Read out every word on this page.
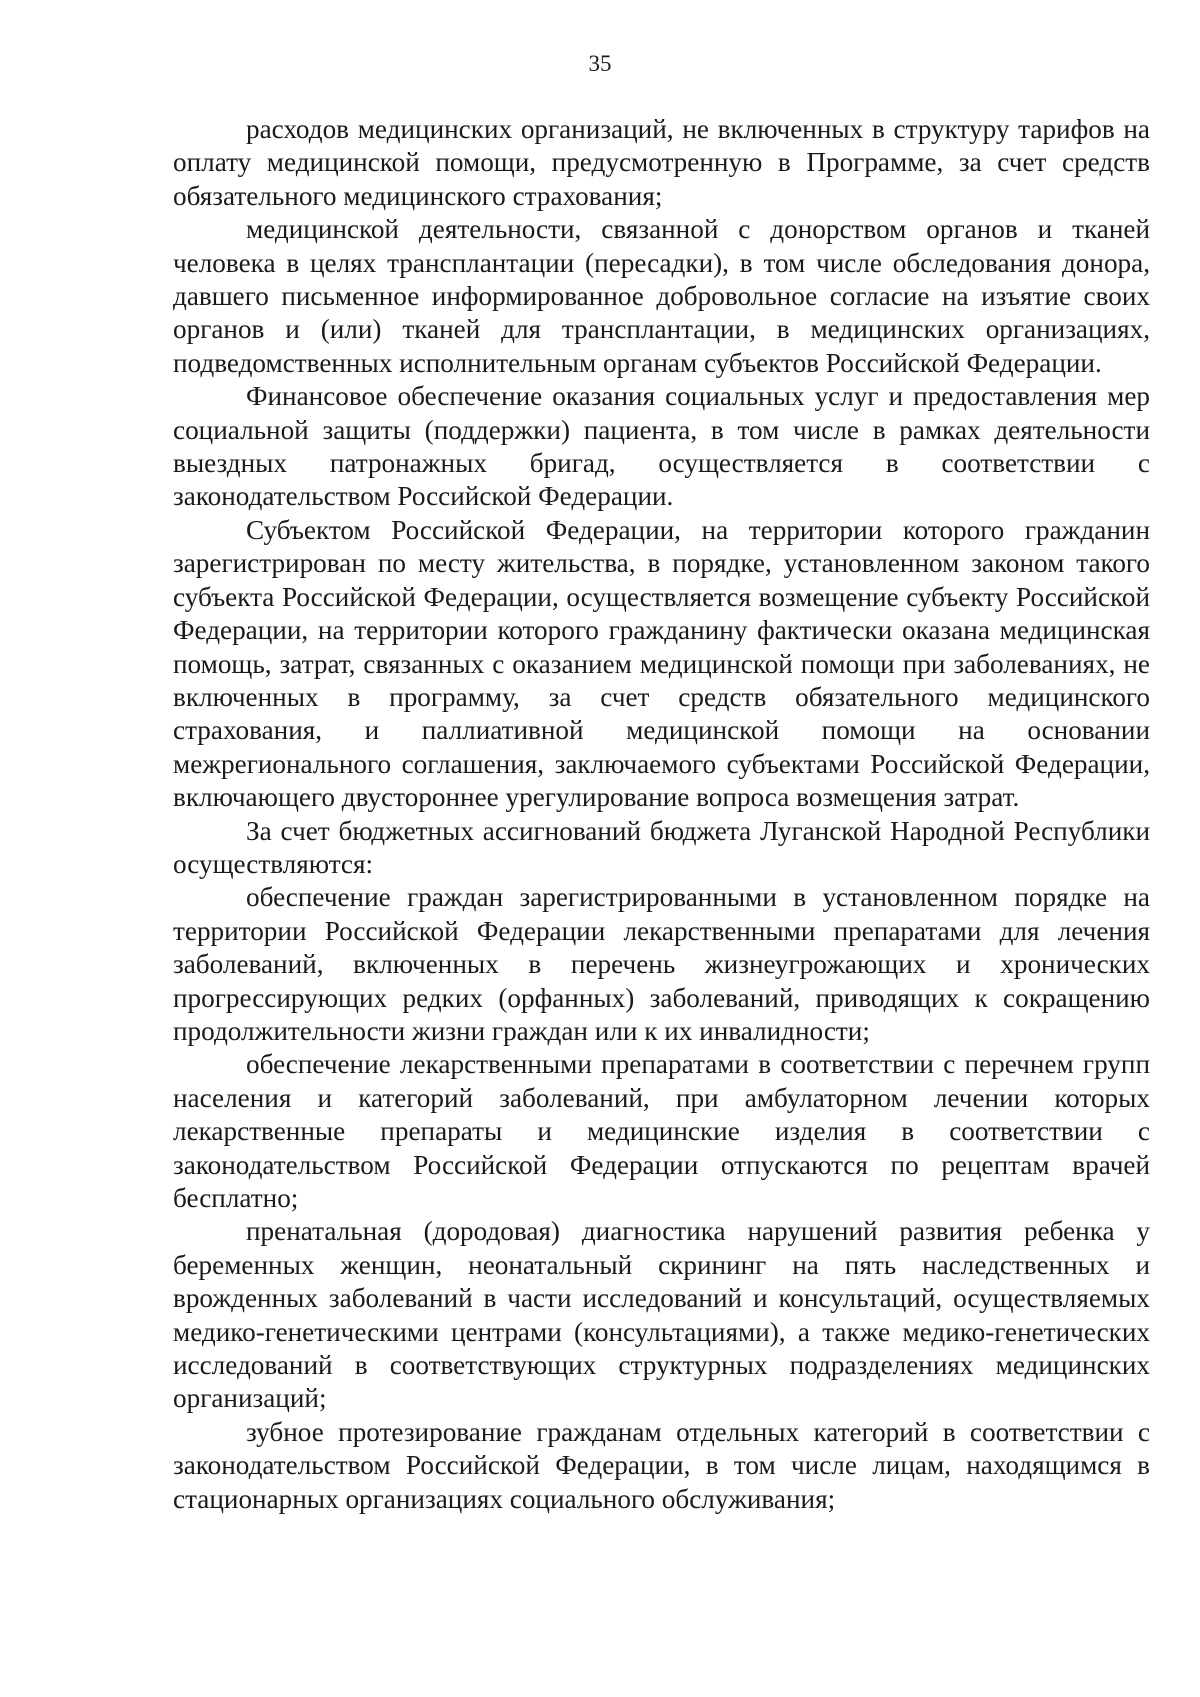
35

расходов медицинских организаций, не включенных в структуру тарифов на оплату медицинской помощи, предусмотренную в Программе, за счет средств обязательного медицинского страхования;

медицинской деятельности, связанной с донорством органов и тканей человека в целях трансплантации (пересадки), в том числе обследования донора, давшего письменное информированное добровольное согласие на изъятие своих органов и (или) тканей для трансплантации, в медицинских организациях, подведомственных исполнительным органам субъектов Российской Федерации.

Финансовое обеспечение оказания социальных услуг и предоставления мер социальной защиты (поддержки) пациента, в том числе в рамках деятельности выездных патронажных бригад, осуществляется в соответствии с законодательством Российской Федерации.

Субъектом Российской Федерации, на территории которого гражданин зарегистрирован по месту жительства, в порядке, установленном законом такого субъекта Российской Федерации, осуществляется возмещение субъекту Российской Федерации, на территории которого гражданину фактически оказана медицинская помощь, затрат, связанных с оказанием медицинской помощи при заболеваниях, не включенных в программу, за счет средств обязательного медицинского страхования, и паллиативной медицинской помощи на основании межрегионального соглашения, заключаемого субъектами Российской Федерации, включающего двустороннее урегулирование вопроса возмещения затрат.

За счет бюджетных ассигнований бюджета Луганской Народной Республики осуществляются:

обеспечение граждан зарегистрированными в установленном порядке на территории Российской Федерации лекарственными препаратами для лечения заболеваний, включенных в перечень жизнеугрожающих и хронических прогрессирующих редких (орфанных) заболеваний, приводящих к сокращению продолжительности жизни граждан или к их инвалидности;

обеспечение лекарственными препаратами в соответствии с перечнем групп населения и категорий заболеваний, при амбулаторном лечении которых лекарственные препараты и медицинские изделия в соответствии с законодательством Российской Федерации отпускаются по рецептам врачей бесплатно;

пренатальная (дородовая) диагностика нарушений развития ребенка у беременных женщин, неонатальный скрининг на пять наследственных и врожденных заболеваний в части исследований и консультаций, осуществляемых медико-генетическими центрами (консультациями), а также медико-генетических исследований в соответствующих структурных подразделениях медицинских организаций;

зубное протезирование гражданам отдельных категорий в соответствии с законодательством Российской Федерации, в том числе лицам, находящимся в стационарных организациях социального обслуживания;
